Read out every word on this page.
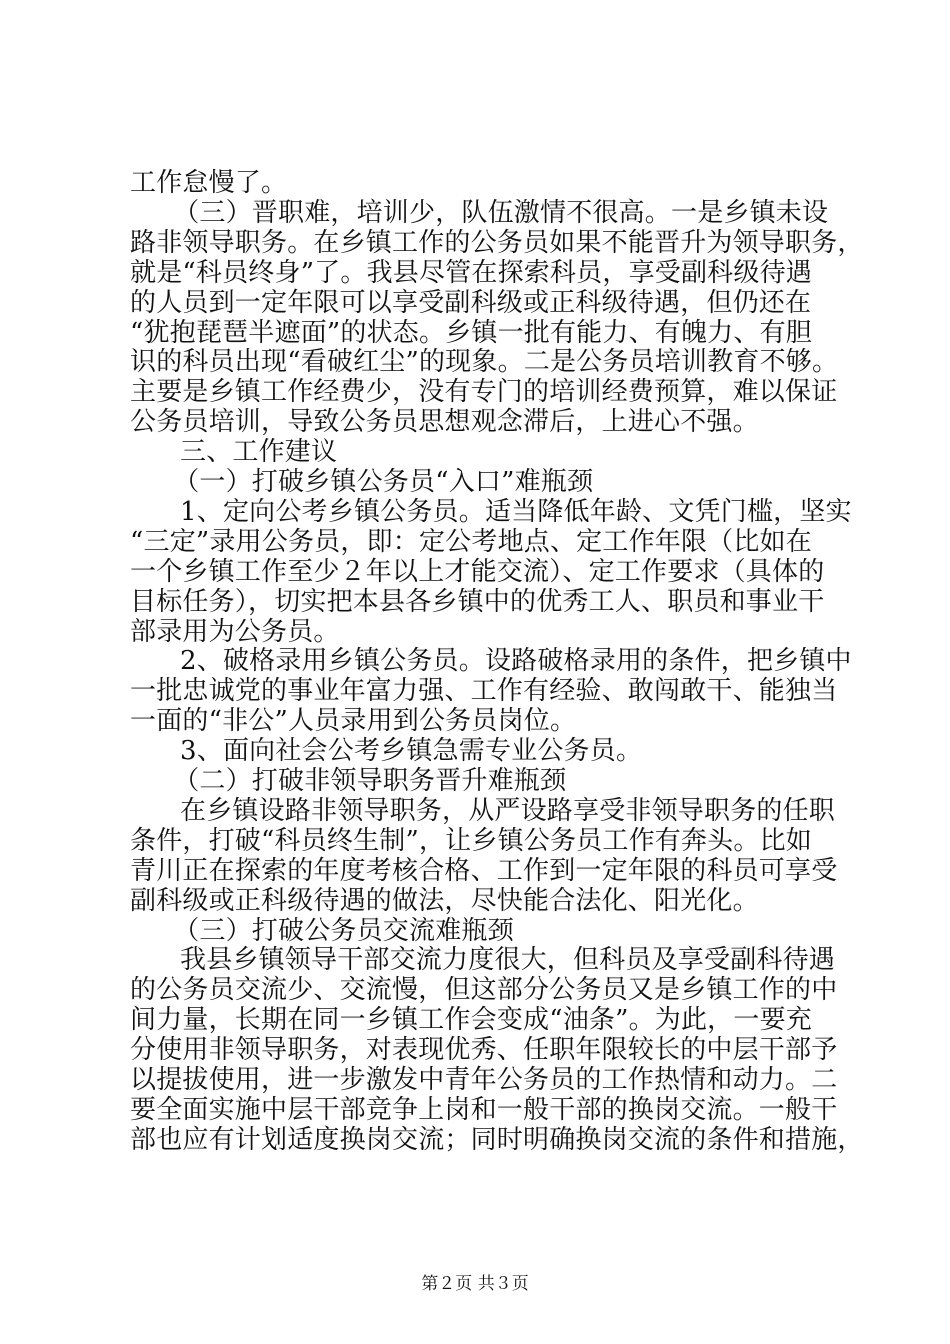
工作怠慢了。
　（三）晋职难，培训少，队伍激情不很高。一是乡镇未设
路非领导职务。在乡镇工作的公务员如果不能晋升为领导职务，
就是“科员终身”了。我县尽管在探索科员，享受副科级待遇
的人员到一定年限可以享受副科级或正科级待遇，但仍还在
“犹抱琵琶半遮面”的状态。乡镇一批有能力、有魄力、有胆
识的科员出现“看破红尘”的现象。二是公务员培训教育不够。
主要是乡镇工作经费少，没有专门的培训经费预算，难以保证
公务员培训，导致公务员思想观念滞后，上进心不强。
三、工作建议
　（一）打破乡镇公务员“入口”难瓶颈
1、定向公考乡镇公务员。适当降低年龄、文凭门槛，坚实
“三定”录用公务员，即：定公考地点、定工作年限（比如在
一个乡镇工作至少２年以上才能交流）、定工作要求（具体的
目标任务），切实把本县各乡镇中的优秀工人、职员和事业干
部录用为公务员。
2、破格录用乡镇公务员。设路破格录用的条件，把乡镇中
一批忠诚党的事业年富力强、工作有经验、敢闯敢干、能独当
一面的“非公”人员录用到公务员岗位。
3、面向社会公考乡镇急需专业公务员。
　（二）打破非领导职务晋升难瓶颈
在乡镇设路非领导职务，从严设路享受非领导职务的任职
条件，打破“科员终生制”，让乡镇公务员工作有奔头。比如
青川正在探索的年度考核合格、工作到一定年限的科员可享受
副科级或正科级待遇的做法，尽快能合法化、阳光化。
　（三）打破公务员交流难瓶颈
我县乡镇领导干部交流力度很大，但科员及享受副科待遇
的公务员交流少、交流慢，但这部分公务员又是乡镇工作的中
间力量，长期在同一乡镇工作会变成“油条”。为此，一要充
分使用非领导职务，对表现优秀、任职年限较长的中层干部予
以提拔使用，进一步激发中青年公务员的工作热情和动力。二
要全面实施中层干部竞争上岗和一般干部的换岗交流。一般干
部也应有计划适度换岗交流；同时明确换岗交流的条件和措施，
第２页 共３页
